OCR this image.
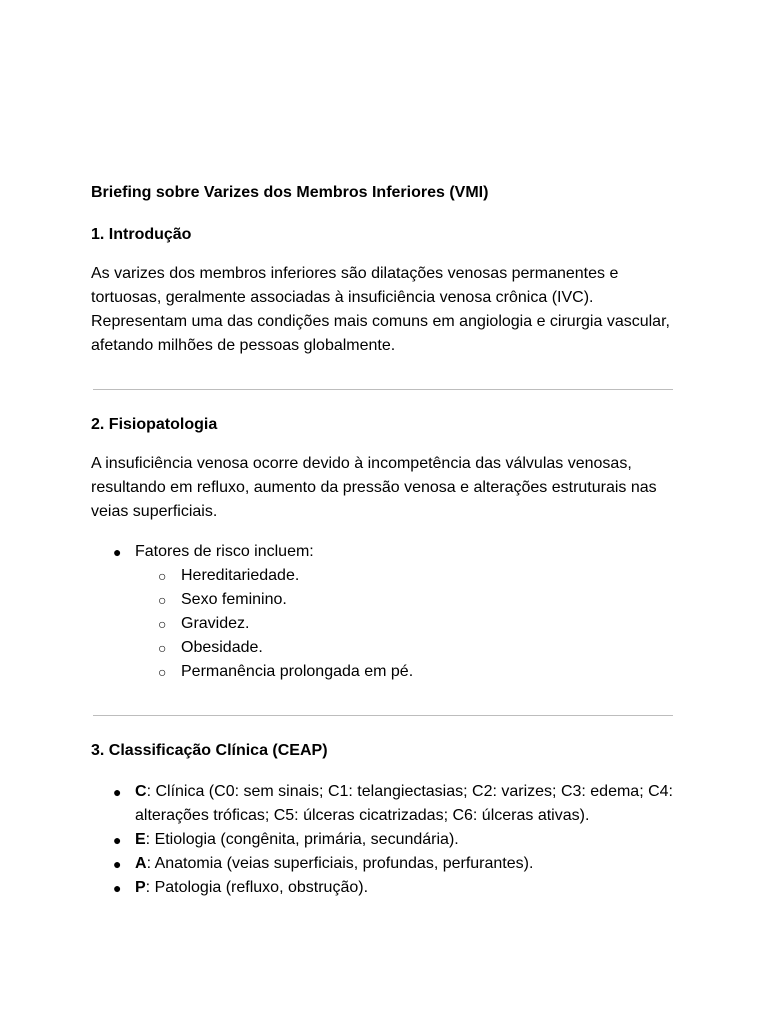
Briefing sobre Varizes dos Membros Inferiores (VMI)

1. Introdução

As varizes dos membros inferiores são dilatações venosas permanentes e tortuosas, geralmente associadas à insuficiência venosa crônica (IVC). Representam uma das condições mais comuns em angiologia e cirurgia vascular, afetando milhões de pessoas globalmente.

2. Fisiopatologia

A insuficiência venosa ocorre devido à incompetência das válvulas venosas, resultando em refluxo, aumento da pressão venosa e alterações estruturais nas veias superficiais.

● Fatores de risco incluem:
○ Hereditariedade.
○ Sexo feminino.
○ Gravidez.
○ Obesidade.
○ Permanência prolongada em pé.

3. Classificação Clínica (CEAP)

● C: Clínica (C0: sem sinais; C1: telangiectasias; C2: varizes; C3: edema; C4: alterações tróficas; C5: úlceras cicatrizadas; C6: úlceras ativas).
● E: Etiologia (congênita, primária, secundária).
● A: Anatomia (veias superficiais, profundas, perfurantes).
● P: Patologia (refluxo, obstrução).
